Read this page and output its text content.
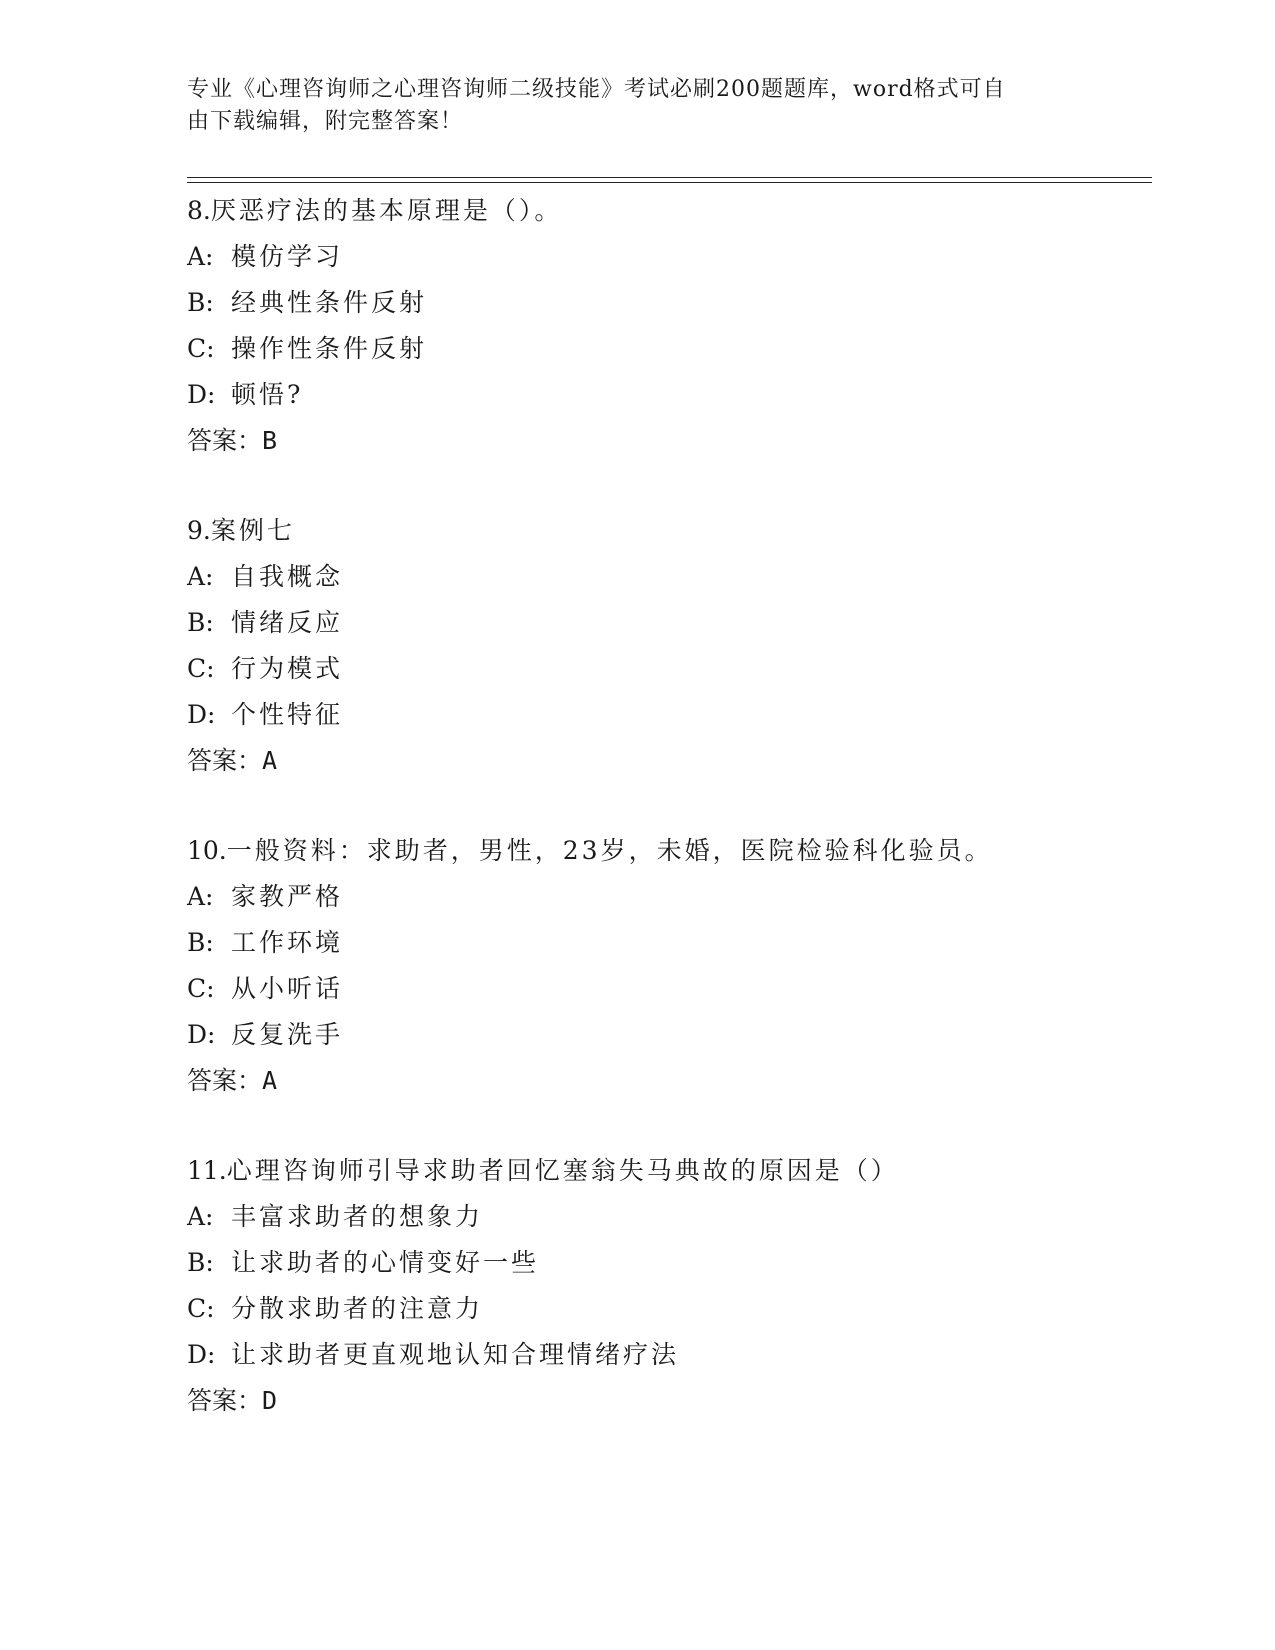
专业《心理咨询师之心理咨询师二级技能》考试必刷200题题库，word格式可自
由下载编辑，附完整答案！
8.厌恶疗法的基本原理是（）。
A: 模仿学习
B: 经典性条件反射
C: 操作性条件反射
D: 顿悟?
答案：B
9.案例七
A: 自我概念
B: 情绪反应
C: 行为模式
D: 个性特征
答案：A
10.一般资料：求助者，男性，23岁，未婚，医院检验科化验员。
A: 家教严格
B: 工作环境
C: 从小听话
D: 反复洗手
答案：A
11.心理咨询师引导求助者回忆塞翁失马典故的原因是（）
A: 丰富求助者的想象力
B: 让求助者的心情变好一些
C: 分散求助者的注意力
D: 让求助者更直观地认知合理情绪疗法
答案：D
